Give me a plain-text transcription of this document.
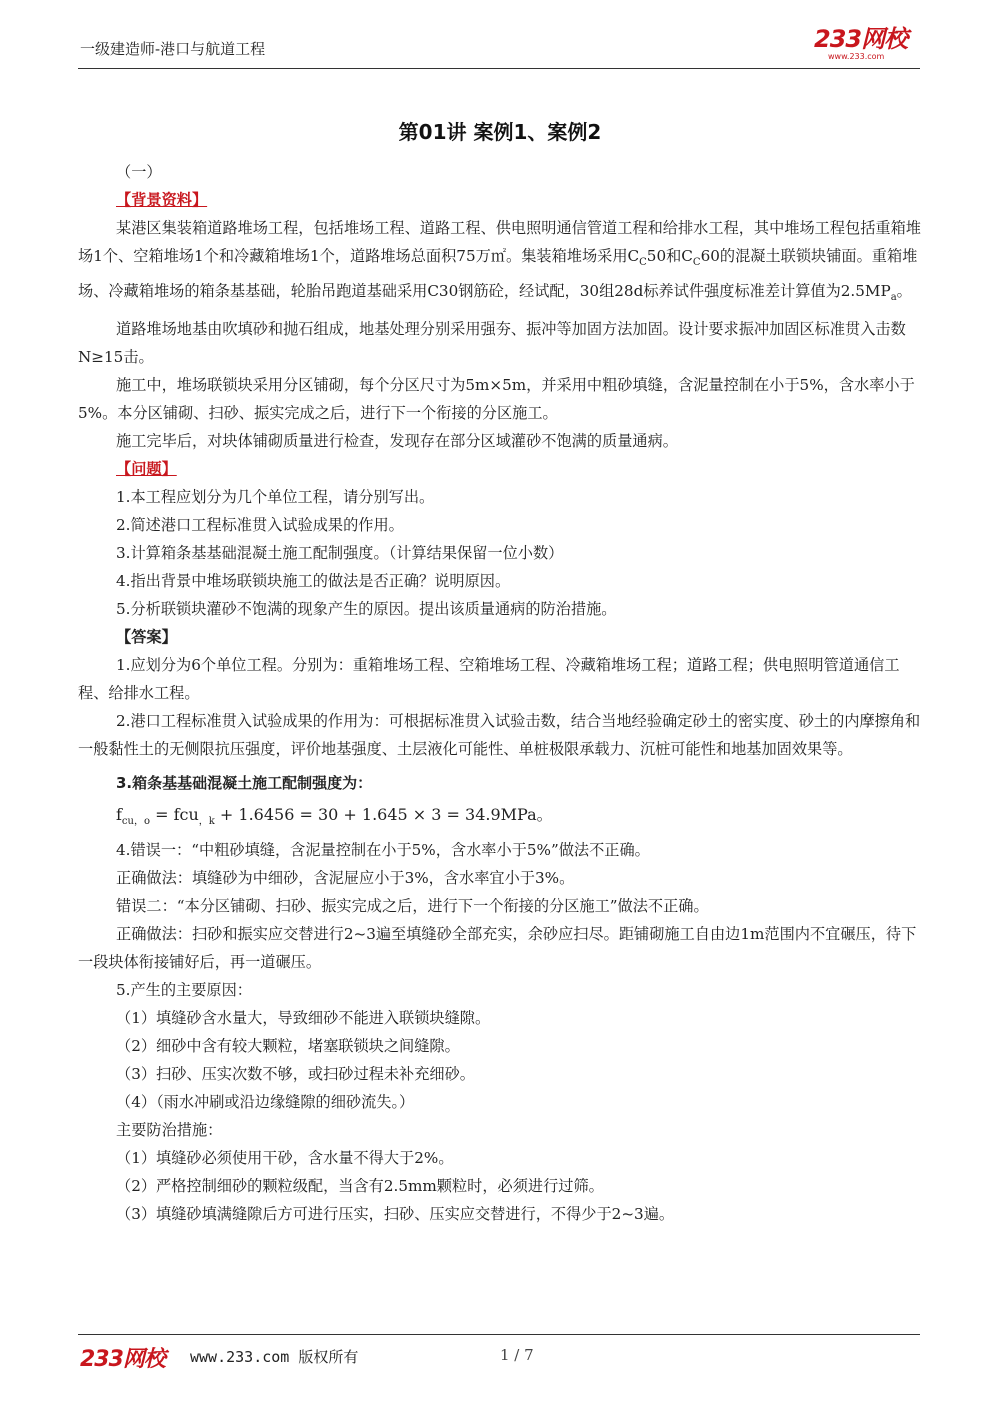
一级建造师-港口与航道工程	233网校
www.233.com
第01讲 案例1、案例2

（一）

【背景资料】

某港区集装箱道路堆场工程，包括堆场工程、道路工程、供电照明通信管道工程和给排水工程，其中堆场工程包括重箱堆场1个、空箱堆场1个和冷藏箱堆场1个，道路堆场总面积75万㎡。集装箱堆场采用$C_C50$和$C_C60$的混凝土联锁块铺面。重箱堆场、冷藏箱堆场的箱条基基础，轮胎吊跑道基础采用C30钢筋砼，经试配，30组28d标养试件强度标准差计算值为$2.5MP_a$。

道路堆场地基由吹填砂和抛石组成，地基处理分别采用强夯、振冲等加固方法加固。设计要求振冲加固区标准贯入击数N≥15击。

施工中，堆场联锁块采用分区铺砌，每个分区尺寸为5m×5m，并采用中粗砂填缝，含泥量控制在小于5%，含水率小于5%。本分区铺砌、扫砂、振实完成之后，进行下一个衔接的分区施工。

施工完毕后，对块体铺砌质量进行检查，发现存在部分区域灌砂不饱满的质量通病。

【问题】

1.本工程应划分为几个单位工程，请分别写出。

2.简述港口工程标准贯入试验成果的作用。

3.计算箱条基基础混凝土施工配制强度。（计算结果保留一位小数）

4.指出背景中堆场联锁块施工的做法是否正确？说明原因。

5.分析联锁块灌砂不饱满的现象产生的原因。提出该质量通病的防治措施。

【答案】

1.应划分为6个单位工程。分别为：重箱堆场工程、空箱堆场工程、冷藏箱堆场工程；道路工程；供电照明管道通信工程、给排水工程。

2.港口工程标准贯入试验成果的作用为：可根据标准贯入试验击数，结合当地经验确定砂土的密实度、砂土的内摩擦角和一般黏性土的无侧限抗压强度，评价地基强度、土层液化可能性、单桩极限承载力、沉桩可能性和地基加固效果等。

3.箱条基基础混凝土施工配制强度为：

$f_{cu,o} = fcu_{,k} + 1.6456 = 30 + 1.645 \times 3 = 34.9MPa$。

4.错误一：“中粗砂填缝，含泥量控制在小于5%，含水率小于5%”做法不正确。

正确做法：填缝砂为中细砂，含泥屉应小于3%，含水率宜小于3%。

错误二：“本分区铺砌、扫砂、振实完成之后，进行下一个衔接的分区施工”做法不正确。

正确做法：扫砂和振实应交替进行2~3遍至填缝砂全部充实，余砂应扫尽。距铺砌施工自由边1m范围内不宜碾压，待下一段块体衔接铺好后，再一道碾压。

5.产生的主要原因：

（1）填缝砂含水量大，导致细砂不能进入联锁块缝隙。

（2）细砂中含有较大颗粒，堵塞联锁块之间缝隙。

（3）扫砂、压实次数不够，或扫砂过程未补充细砂。

（4）（雨水冲刷或沿边缘缝隙的细砂流失。）

主要防治措施：

（1）填缝砂必须使用干砂，含水量不得大于2%。

（2）严格控制细砂的颗粒级配，当含有2.5mm颗粒时，必须进行过筛。

（3）填缝砂填满缝隙后方可进行压实，扫砂、压实应交替进行，不得少于2~3遍。

233网校 www.233.com 版权所有	1 / 7
